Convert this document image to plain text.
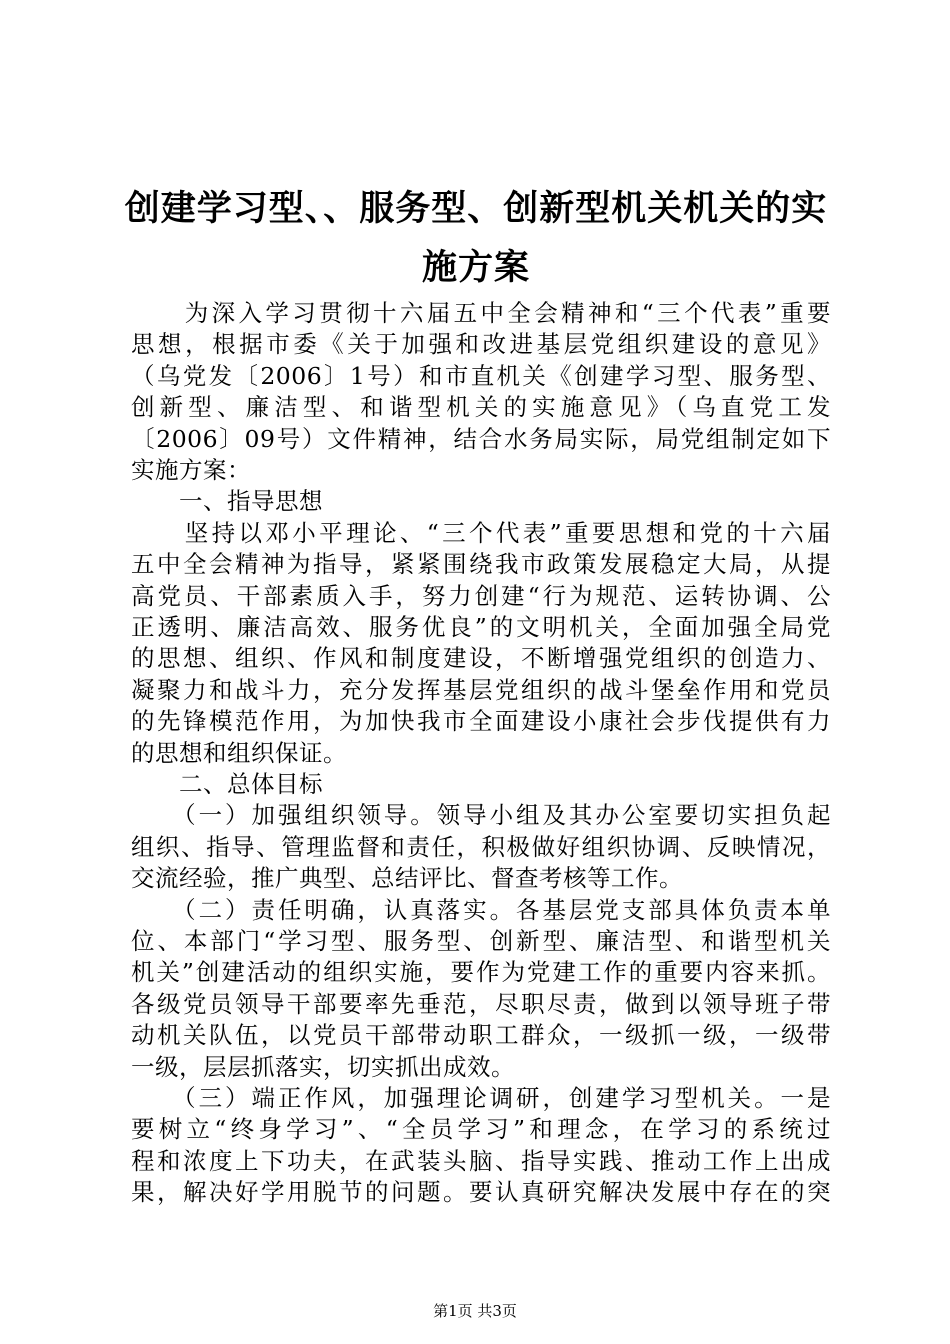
创建学习型、、服务型、创新型机关机关的实
施方案
　　为深入学习贯彻十六届五中全会精神和“三个代表”重要
思想，根据市委《关于加强和改进基层党组织建设的意见》
（乌党发〔2006〕1号）和市直机关《创建学习型、服务型、
创新型、廉洁型、和谐型机关的实施意见》（乌直党工发
〔2006〕09号）文件精神，结合水务局实际，局党组制定如下
实施方案：
　　一、指导思想
　　坚持以邓小平理论、“三个代表”重要思想和党的十六届
五中全会精神为指导，紧紧围绕我市政策发展稳定大局，从提
高党员、干部素质入手，努力创建“行为规范、运转协调、公
正透明、廉洁高效、服务优良”的文明机关，全面加强全局党
的思想、组织、作风和制度建设，不断增强党组织的创造力、
凝聚力和战斗力，充分发挥基层党组织的战斗堡垒作用和党员
的先锋模范作用，为加快我市全面建设小康社会步伐提供有力
的思想和组织保证。
　　二、总体目标
　　（一）加强组织领导。领导小组及其办公室要切实担负起
组织、指导、管理监督和责任，积极做好组织协调、反映情况，
交流经验，推广典型、总结评比、督查考核等工作。
　　（二）责任明确，认真落实。各基层党支部具体负责本单
位、本部门“学习型、服务型、创新型、廉洁型、和谐型机关
机关”创建活动的组织实施，要作为党建工作的重要内容来抓。
各级党员领导干部要率先垂范，尽职尽责，做到以领导班子带
动机关队伍，以党员干部带动职工群众，一级抓一级，一级带
一级，层层抓落实，切实抓出成效。
　　（三）端正作风，加强理论调研，创建学习型机关。一是
要树立“终身学习”、“全员学习”和理念，在学习的系统过
程和浓度上下功夫，在武装头脑、指导实践、推动工作上出成
果，解决好学用脱节的问题。要认真研究解决发展中存在的突
第1页 共3页
